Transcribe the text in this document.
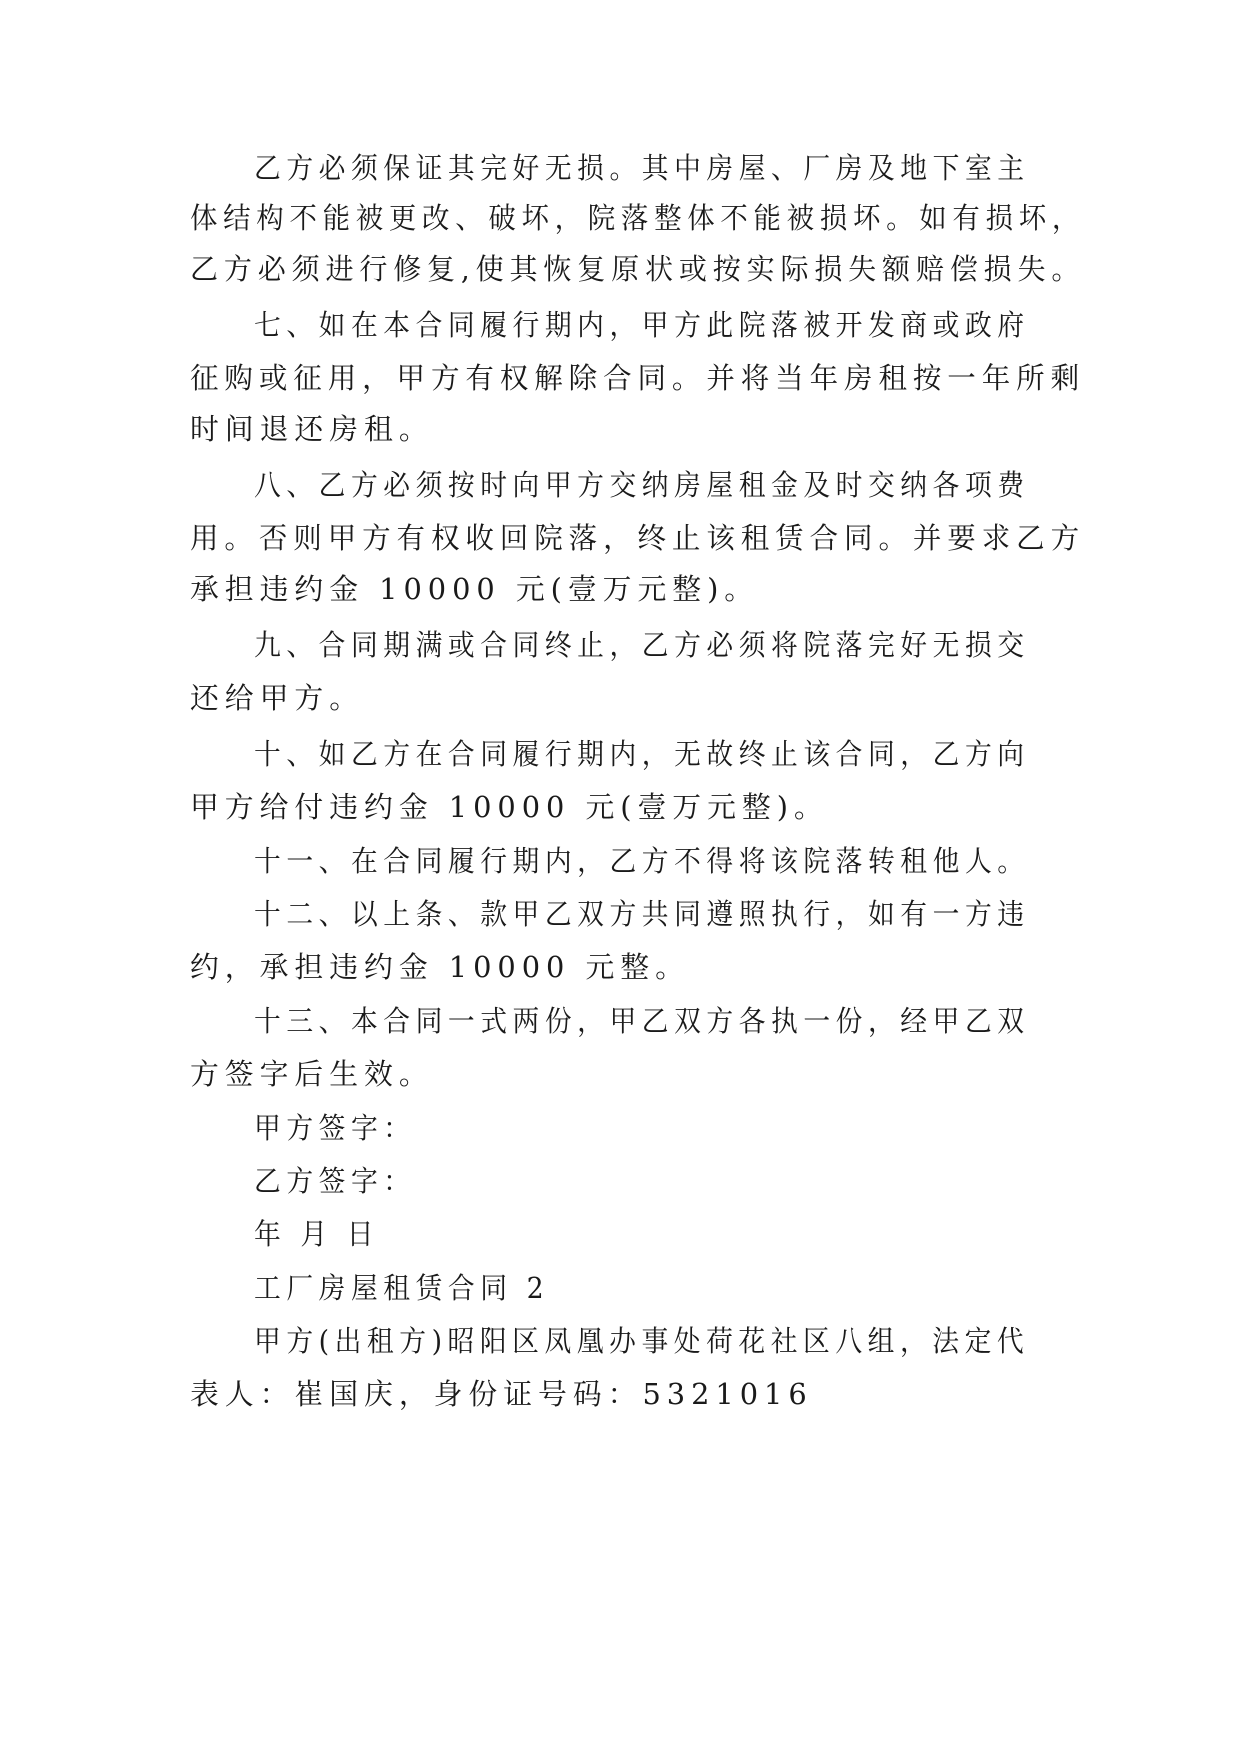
乙方必须保证其完好无损。其中房屋、厂房及地下室主
体结构不能被更改、破坏，院落整体不能被损坏。如有损坏，
乙方必须进行修复,使其恢复原状或按实际损失额赔偿损失。
七、如在本合同履行期内，甲方此院落被开发商或政府
征购或征用，甲方有权解除合同。并将当年房租按一年所剩
时间退还房租。
八、乙方必须按时向甲方交纳房屋租金及时交纳各项费
用。否则甲方有权收回院落，终止该租赁合同。并要求乙方
承担违约金 10000 元(壹万元整)。
九、合同期满或合同终止，乙方必须将院落完好无损交
还给甲方。
十、如乙方在合同履行期内，无故终止该合同，乙方向
甲方给付违约金 10000 元(壹万元整)。
十一、在合同履行期内，乙方不得将该院落转租他人。
十二、以上条、款甲乙双方共同遵照执行，如有一方违
约，承担违约金 10000 元整。
十三、本合同一式两份，甲乙双方各执一份，经甲乙双
方签字后生效。
甲方签字：
乙方签字：
年 月 日
工厂房屋租赁合同 2
甲方(出租方)昭阳区凤凰办事处荷花社区八组，法定代
表人：崔国庆，身份证号码：5321016
